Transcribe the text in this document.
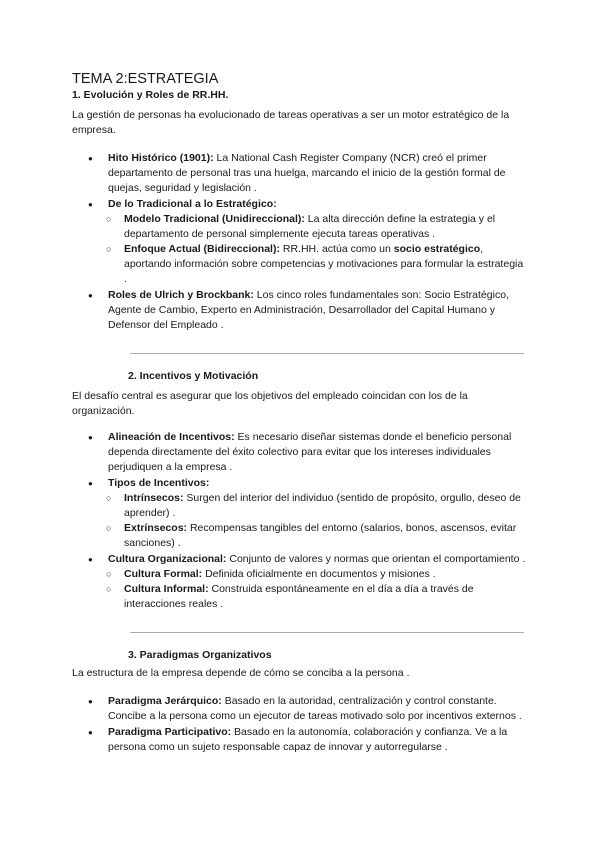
TEMA 2:ESTRATEGIA
1. Evolución y Roles de RR.HH.

La gestión de personas ha evolucionado de tareas operativas a ser un motor estratégico de la empresa.

● Hito Histórico (1901): La National Cash Register Company (NCR) creó el primer departamento de personal tras una huelga, marcando el inicio de la gestión formal de quejas, seguridad y legislación .
● De lo Tradicional a lo Estratégico:
○ Modelo Tradicional (Unidireccional): La alta dirección define la estrategia y el departamento de personal simplemente ejecuta tareas operativas .
○ Enfoque Actual (Bidireccional): RR.HH. actúa como un socio estratégico, aportando información sobre competencias y motivaciones para formular la estrategia .
● Roles de Ulrich y Brockbank: Los cinco roles fundamentales son: Socio Estratégico, Agente de Cambio, Experto en Administración, Desarrollador del Capital Humano y Defensor del Empleado .
2. Incentivos y Motivación

El desafío central es asegurar que los objetivos del empleado coincidan con los de la organización.

● Alineación de Incentivos: Es necesario diseñar sistemas donde el beneficio personal dependa directamente del éxito colectivo para evitar que los intereses individuales perjudiquen a la empresa .
● Tipos de Incentivos:
○ Intrínsecos: Surgen del interior del individuo (sentido de propósito, orgullo, deseo de aprender) .
○ Extrínsecos: Recompensas tangibles del entorno (salarios, bonos, ascensos, evitar sanciones) .
● Cultura Organizacional: Conjunto de valores y normas que orientan el comportamiento .
○ Cultura Formal: Definida oficialmente en documentos y misiones .
○ Cultura Informal: Construida espontáneamente en el día a día a través de interacciones reales .
3. Paradigmas Organizativos

La estructura de la empresa depende de cómo se conciba a la persona .

● Paradigma Jerárquico: Basado en la autoridad, centralización y control constante. Concibe a la persona como un ejecutor de tareas motivado solo por incentivos externos .
● Paradigma Participativo: Basado en la autonomía, colaboración y confianza. Ve a la persona como un sujeto responsable capaz de innovar y autorregularse .
